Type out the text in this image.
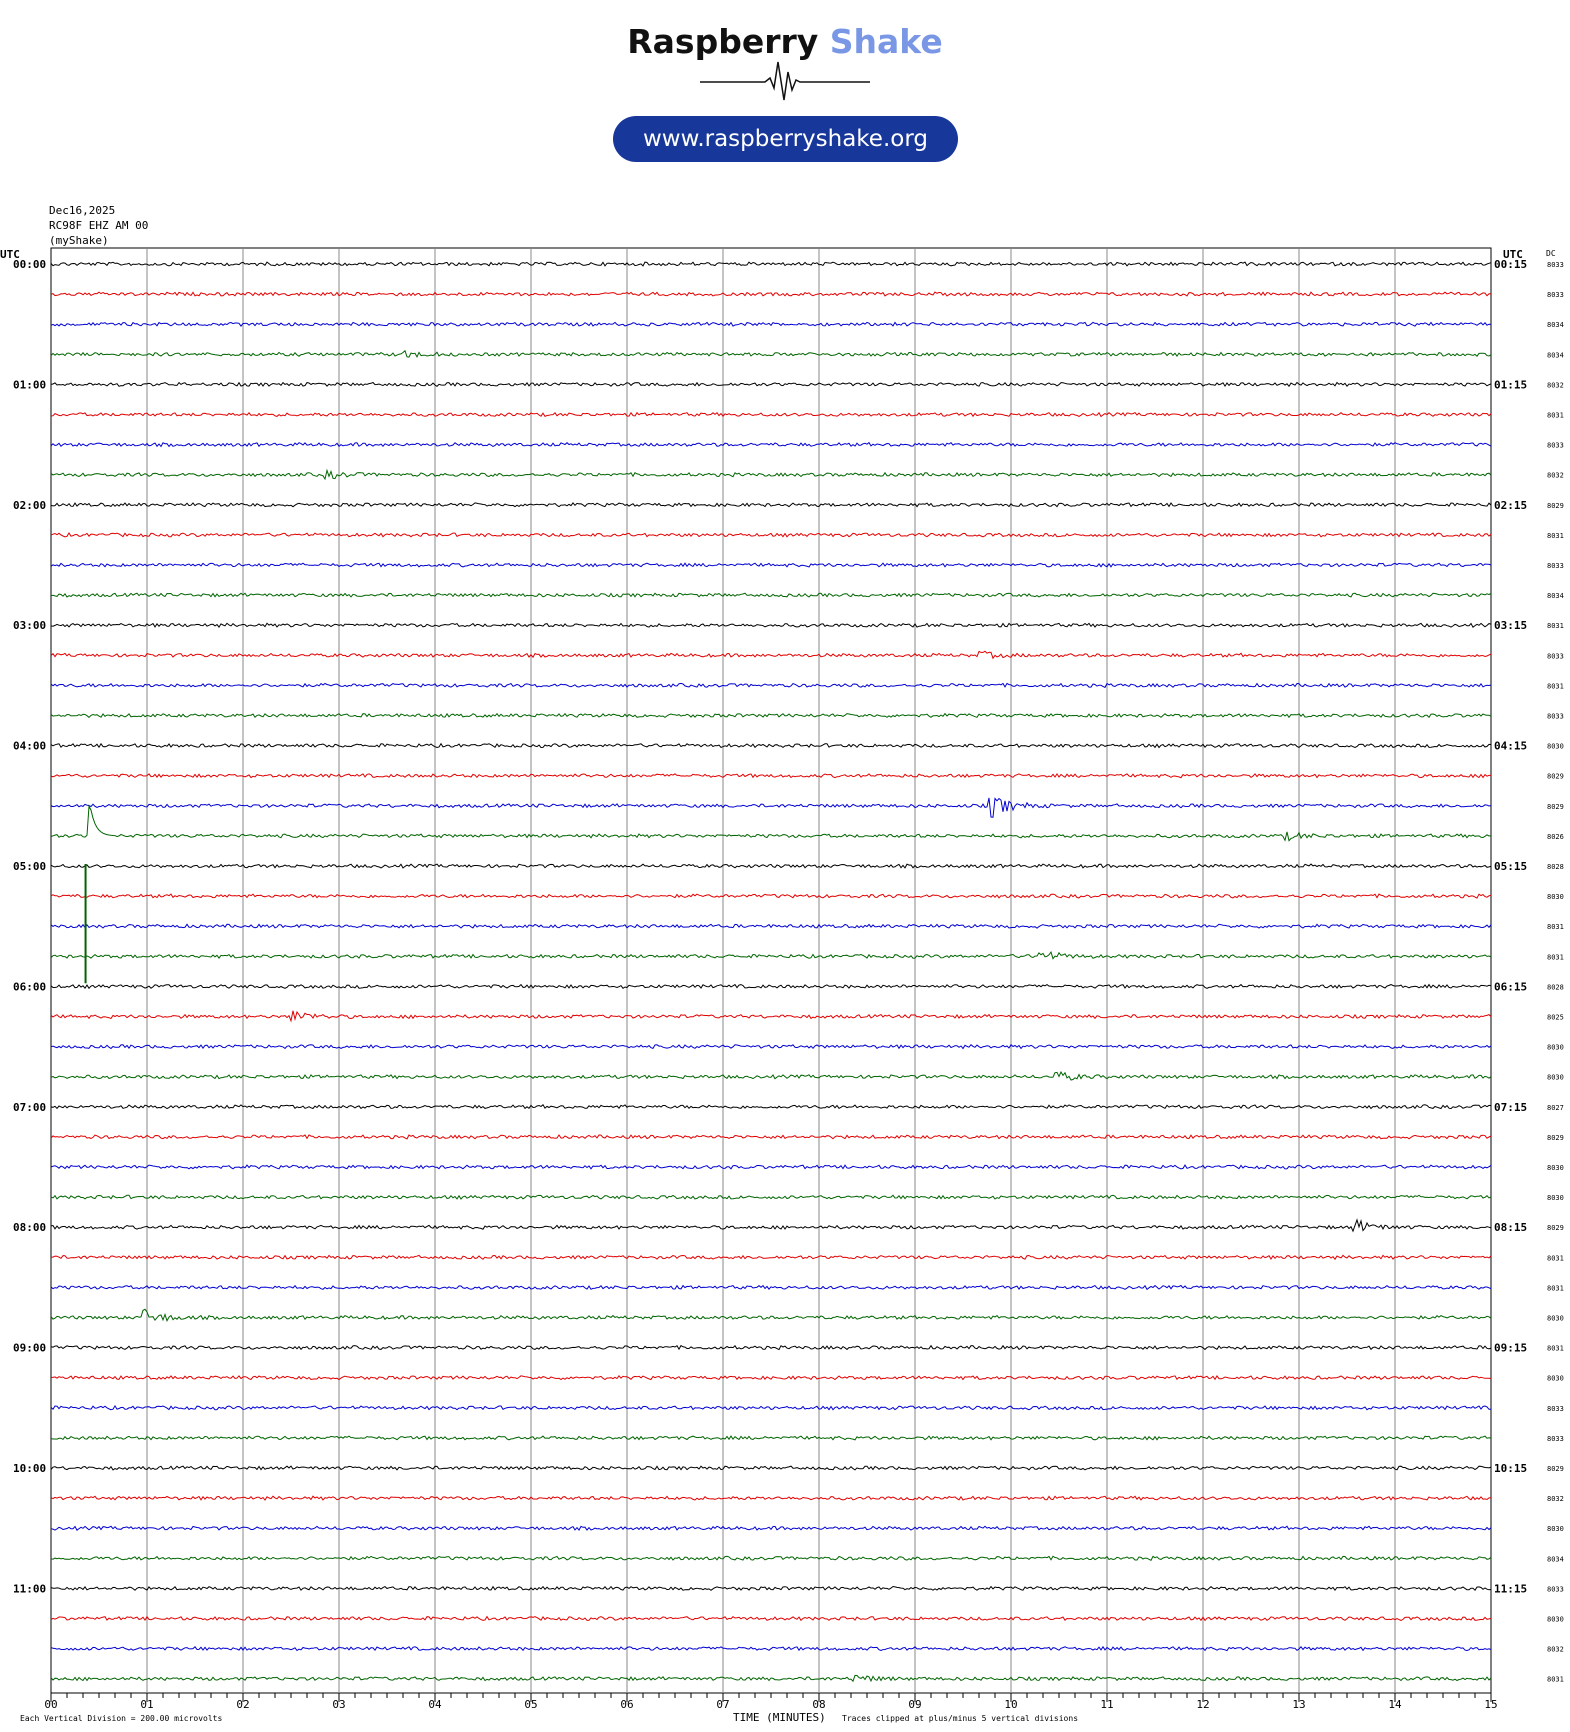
Raspberry Shake
www.raspberryshake.org
Dec16,2025
RC98F EHZ AM 00
(myShake)
UTC	UTC	DC
00	01	02	03	04	05	06	07	08	09	10	11	12	13	14	15
8033
8033
8034
8034
8032
8031
8033
8032
8029
8031
8033
8034
8031
8033
8031
8033
8030
8029
8029
8026
8028
8030
8031
8031
8028
8025
8030
8030
8027
8029
8030
8030
8029
8031
8031
8030
8031
8030
8033
8033
8029
8032
8030
8034
8033
8030
8032
8031
00:00
01:00
02:00
03:00
04:00
05:00
06:00
07:00
08:00
09:00
10:00
11:00
00:15
01:15
02:15
03:15
04:15
05:15
06:15
07:15
08:15
09:15
10:15
11:15
Each Vertical Division = 200.00 microvolts	TIME (MINUTES) Traces clipped at plus/minus 5 vertical divisions
